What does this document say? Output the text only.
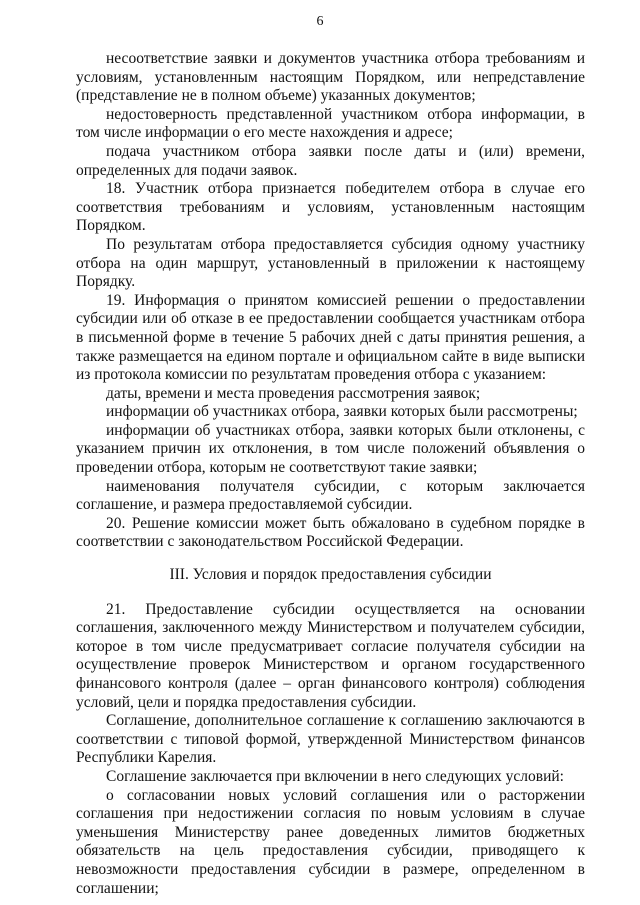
6

несоответствие заявки и документов участника отбора требованиям и условиям, установленным настоящим Порядком, или непредставление (представление не в полном объеме) указанных документов;

недостоверность представленной участником отбора информации, в том числе информации о его месте нахождения и адресе;

подача участником отбора заявки после даты и (или) времени, определенных для подачи заявок.

18. Участник отбора признается победителем отбора в случае его соответствия требованиям и условиям, установленным настоящим Порядком.

По результатам отбора предоставляется субсидия одному участнику отбора на один маршрут, установленный в приложении к настоящему Порядку.

19. Информация о принятом комиссией решении о предоставлении субсидии или об отказе в ее предоставлении сообщается участникам отбора в письменной форме в течение 5 рабочих дней с даты принятия решения, а также размещается на едином портале и официальном сайте в виде выписки из протокола комиссии по результатам проведения отбора с указанием:

даты, времени и места проведения рассмотрения заявок;

информации об участниках отбора, заявки которых были рассмотрены;

информации об участниках отбора, заявки которых были отклонены, с указанием причин их отклонения, в том числе положений объявления о проведении отбора, которым не соответствуют такие заявки;

наименования получателя субсидии, с которым заключается соглашение, и размера предоставляемой субсидии.

20. Решение комиссии может быть обжаловано в судебном порядке в соответствии с законодательством Российской Федерации.

III. Условия и порядок предоставления субсидии

21. Предоставление субсидии осуществляется на основании соглашения, заключенного между Министерством и получателем субсидии, которое в том числе предусматривает согласие получателя субсидии на осуществление проверок Министерством и органом государственного финансового контроля (далее – орган финансового контроля) соблюдения условий, цели и порядка предоставления субсидии.

Соглашение, дополнительное соглашение к соглашению заключаются в соответствии с типовой формой, утвержденной Министерством финансов Республики Карелия.

Соглашение заключается при включении в него следующих условий:

о согласовании новых условий соглашения или о расторжении соглашения при недостижении согласия по новым условиям в случае уменьшения Министерству ранее доведенных лимитов бюджетных обязательств на цель предоставления субсидии, приводящего к невозможности предоставления субсидии в размере, определенном в соглашении;
